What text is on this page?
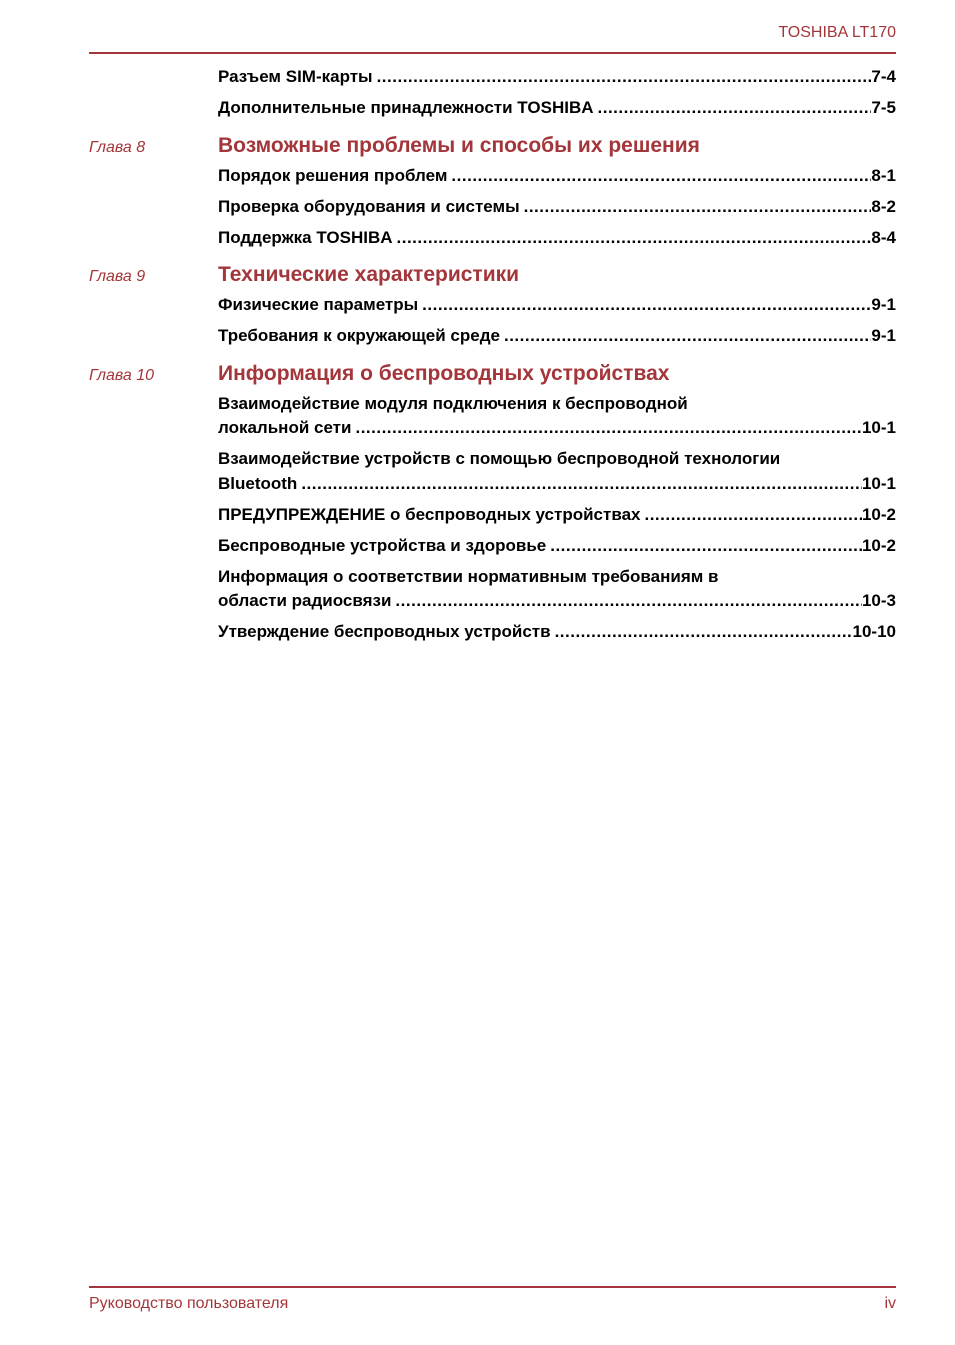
TOSHIBA LT170
Разъем SIM-карты .....	7-4
Дополнительные принадлежности TOSHIBA .....	7-5
Глава 8	Возможные проблемы и способы их решения
Порядок решения проблем .....	8-1
Проверка оборудования и системы .....	8-2
Поддержка TOSHIBA .....	8-4
Глава 9	Технические характеристики
Физические параметры .....	9-1
Требования к окружающей среде .....	9-1
Глава 10	Информация о беспроводных устройствах
Взаимодействие модуля подключения к беспроводной
локальной сети .....	10-1
Взаимодействие устройств с помощью беспроводной технологии
Bluetooth .....	10-1
ПРЕДУПРЕЖДЕНИЕ о беспроводных устройствах .....	10-2
Беспроводные устройства и здоровье .....	10-2
Информация о соответствии нормативным требованиям в
области радиосвязи .....	10-3
Утверждение беспроводных устройств .....	10-10
Руководство пользователя	iv
